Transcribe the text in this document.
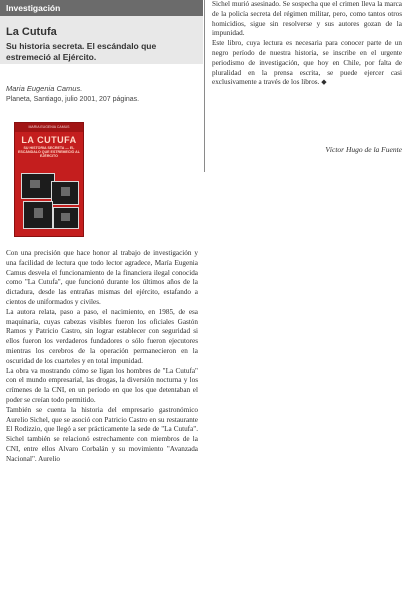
Investigación
La Cutufa
Su historia secreta. El escándalo que estremeció al Ejército.
Maria Eugenia Camus.
Planeta, Santiago, julio 2001, 207 páginas.
MARIA EUGENIA CAMUS
LA CUTUFA
SU HISTORIA SECRETA — EL ESCÁNDALO QUE ESTREMECIÓ AL EJÉRCITO

Con una precisión que hace honor al trabajo de investigación y una facilidad de lectura que todo lector agradece, María Eugenia Camus desvela el funcionamiento de la financiera ilegal conocida como "La Cutufa", que funcionó durante los últimos años de la dictadura, desde las entrañas mismas del ejército, estafando a cientos de uniformados y civiles.

La autora relata, paso a paso, el nacimiento, en 1985, de esa maquinaria, cuyas cabezas visibles fueron los oficiales Gastón Ramos y Patricio Castro, sin lograr establecer con seguridad si ellos fueron los verdaderos fundadores o sólo fueron ejecutores mientras los cerebros de la operación permanecieron en la oscuridad de los cuarteles y en total impunidad.

La obra va mostrando cómo se ligan los hombres de "La Cutufa" con el mundo empresarial, las drogas, la diversión nocturna y los crímenes de la CNI, en un período en que los que detentaban el poder se creían todo permitido.

También se cuenta la historia del empresario gastronómico Aurelio Sichel, que se asoció con Patricio Castro en su restaurante El Rodizzio, que llegó a ser prácticamente la sede de "La Cutufa". Sichel también se relacionó estrechamente con miembros de la CNI, entre ellos Alvaro Corbalán y su movimiento "Avanzada Nacional". Aurelio

Sichel murió asesinado. Se sospecha que el crimen lleva la marca de la policía secreta del régimen militar, pero, como tantos otros homicidios, sigue sin resolverse y sus autores gozan de la impunidad.

Este libro, cuya lectura es necesaria para conocer parte de un negro período de nuestra historia, se inscribe en el urgente periodismo de investigación, que hoy en Chile, por falta de pluralidad en la prensa escrita, se puede ejercer casi exclusivamente a través de los libros. ◆

Víctor Hugo de la Fuente
